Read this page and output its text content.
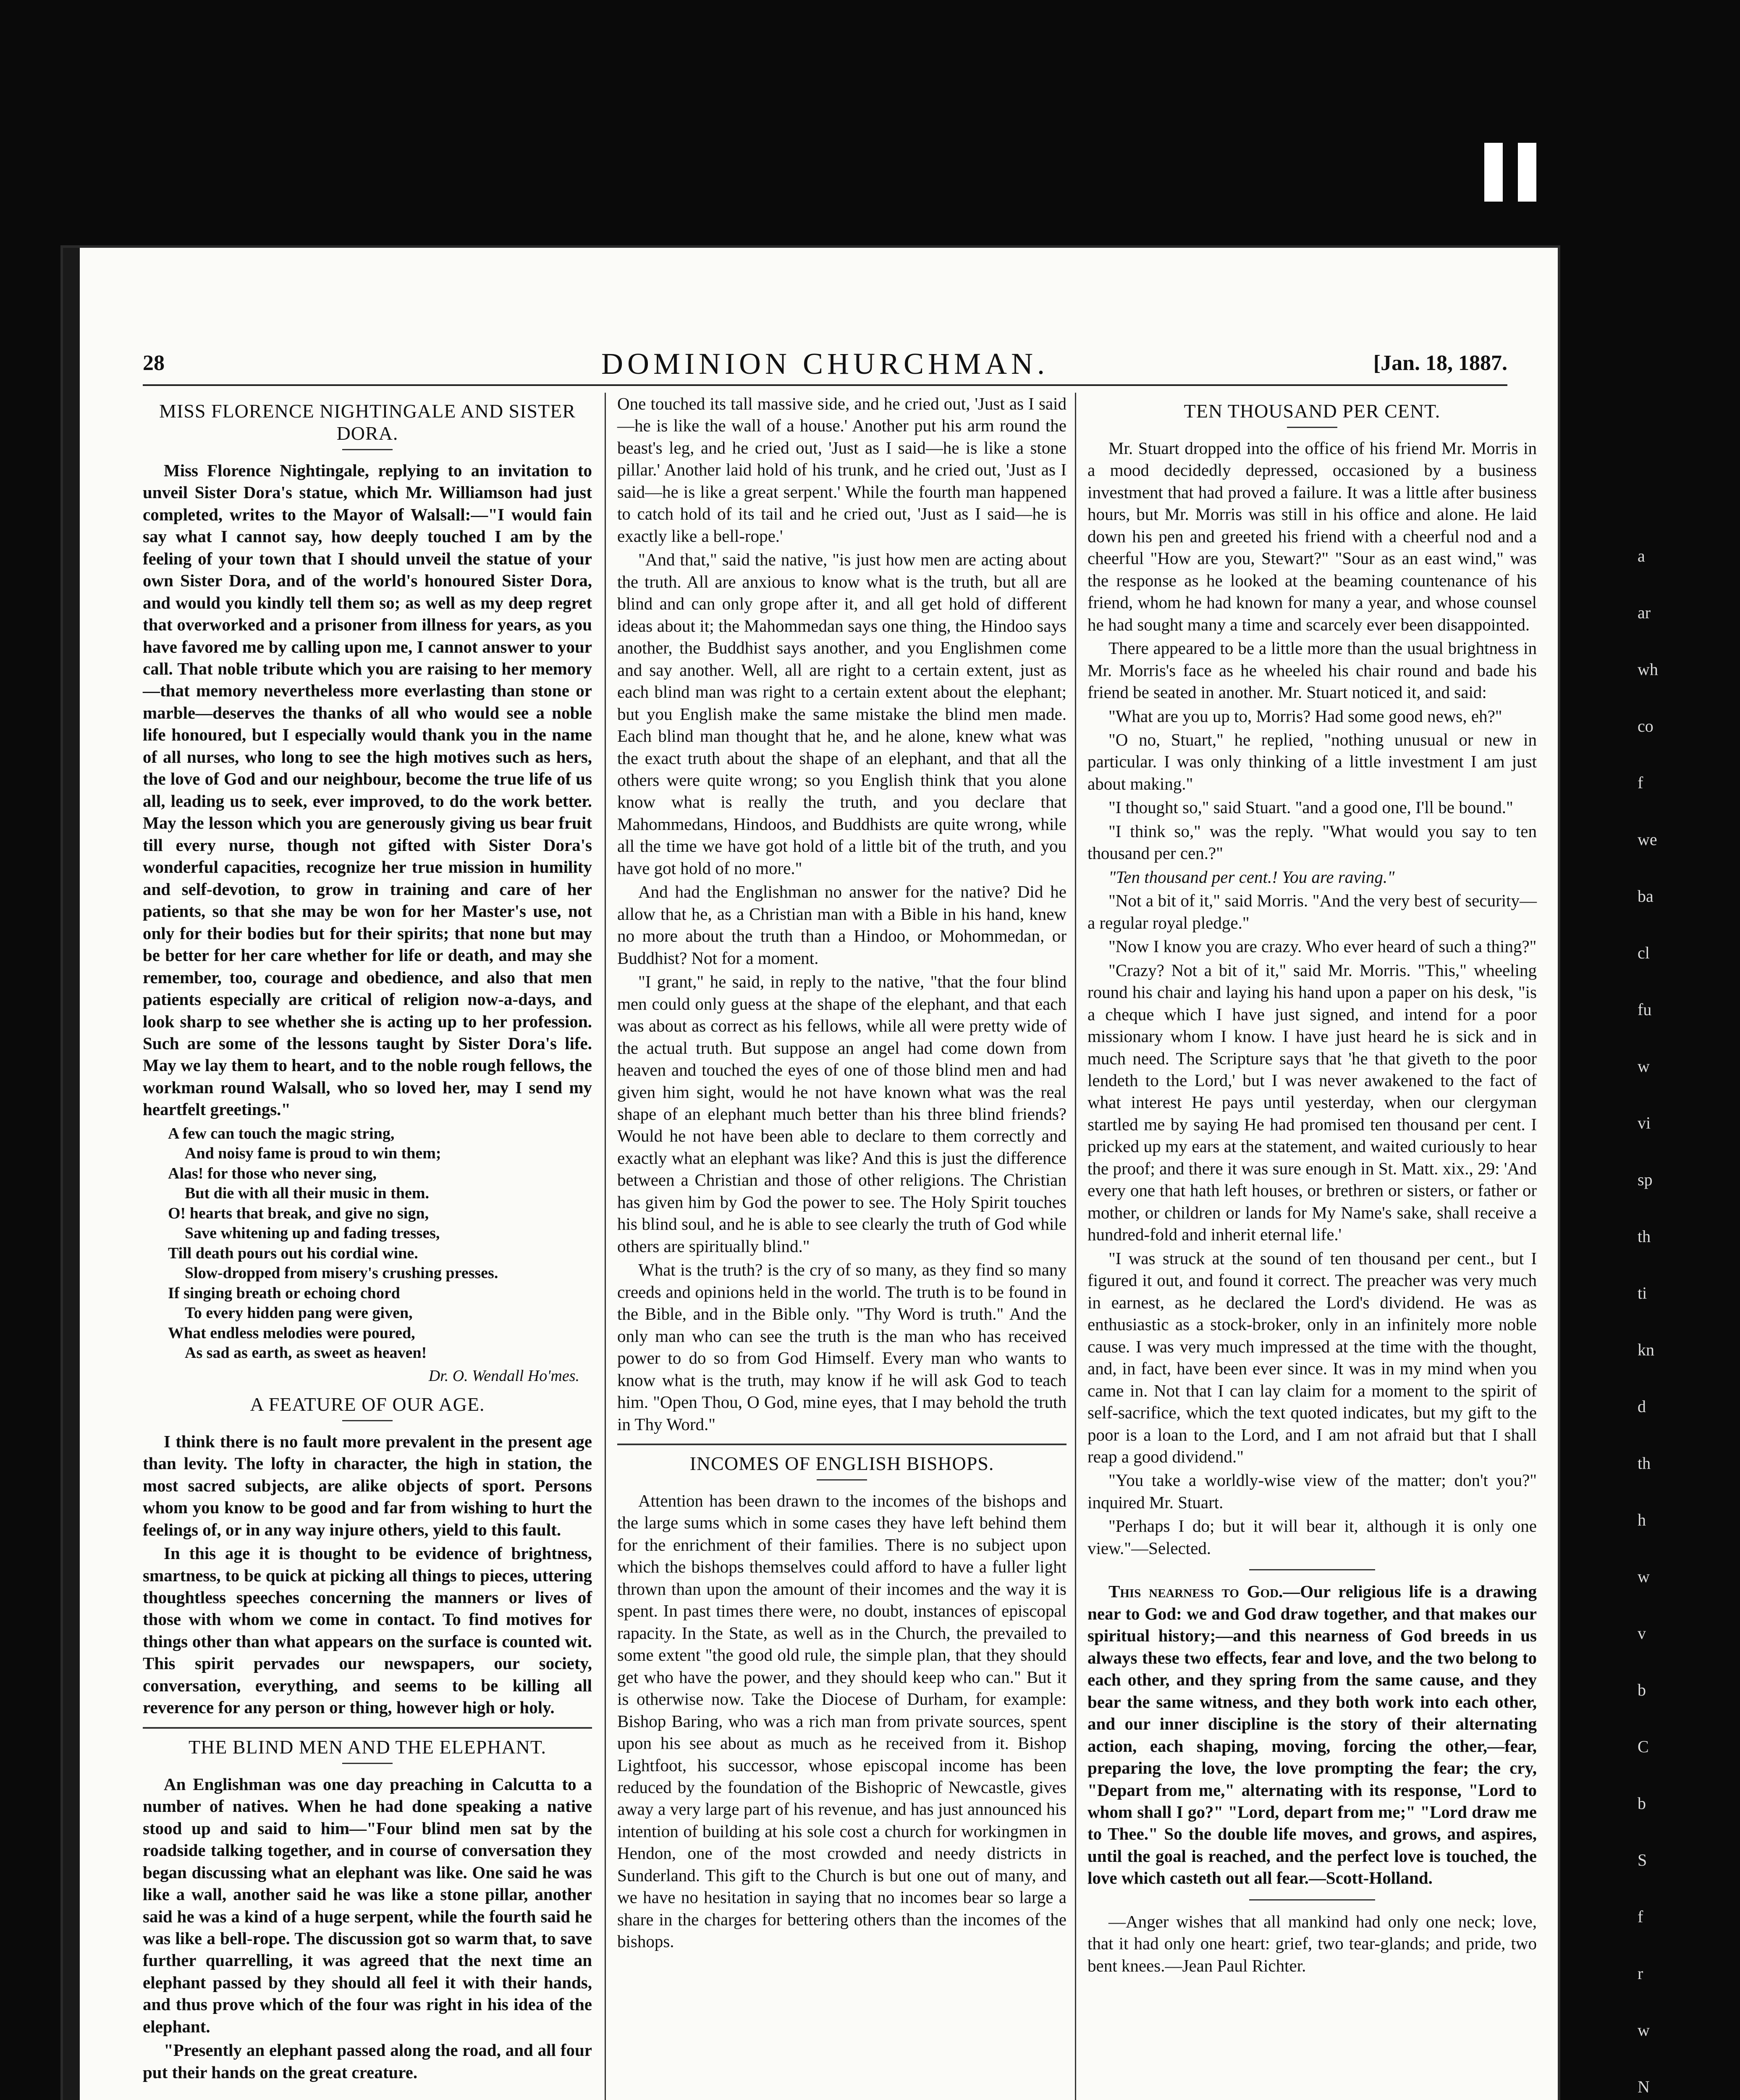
a
ar
wh
co
f
we
ba
cl
fu
w
vi
sp
th
ti
kn
d
th
h
w
v
b
C
b
S
f
r
w
N
28	DOMINION CHURCHMAN.	[Jan. 18, 1887.
MISS FLORENCE NIGHTINGALE AND SISTER DORA.

Miss Florence Nightingale, replying to an invitation to unveil Sister Dora's statue, which Mr. Williamson had just completed, writes to the Mayor of Walsall:—"I would fain say what I cannot say, how deeply touched I am by the feeling of your town that I should unveil the statue of your own Sister Dora, and of the world's honoured Sister Dora, and would you kindly tell them so; as well as my deep regret that overworked and a prisoner from illness for years, as you have favored me by calling upon me, I cannot answer to your call. That noble tribute which you are raising to her memory—that memory nevertheless more everlasting than stone or marble—deserves the thanks of all who would see a noble life honoured, but I especially would thank you in the name of all nurses, who long to see the high motives such as hers, the love of God and our neighbour, become the true life of us all, leading us to seek, ever improved, to do the work better. May the lesson which you are generously giving us bear fruit till every nurse, though not gifted with Sister Dora's wonderful capacities, recognize her true mission in humility and self-devotion, to grow in training and care of her patients, so that she may be won for her Master's use, not only for their bodies but for their spirits; that none but may be better for her care whether for life or death, and may she remember, too, courage and obedience, and also that men patients especially are critical of religion now-a-days, and look sharp to see whether she is acting up to her profession. Such are some of the lessons taught by Sister Dora's life. May we lay them to heart, and to the noble rough fellows, the workman round Walsall, who so loved her, may I send my heartfelt greetings."

A few can touch the magic string,
And noisy fame is proud to win them;
Alas! for those who never sing,
But die with all their music in them.
O! hearts that break, and give no sign,
Save whitening up and fading tresses,
Till death pours out his cordial wine.
Slow-dropped from misery's crushing presses.
If singing breath or echoing chord
To every hidden pang were given,
What endless melodies were poured,
As sad as earth, as sweet as heaven!
Dr. O. Wendall Ho'mes.
A FEATURE OF OUR AGE.

I think there is no fault more prevalent in the present age than levity. The lofty in character, the high in station, the most sacred subjects, are alike objects of sport. Persons whom you know to be good and far from wishing to hurt the feelings of, or in any way injure others, yield to this fault.

In this age it is thought to be evidence of brightness, smartness, to be quick at picking all things to pieces, uttering thoughtless speeches concerning the manners or lives of those with whom we come in contact. To find motives for things other than what appears on the surface is counted wit. This spirit pervades our newspapers, our society, conversation, everything, and seems to be killing all reverence for any person or thing, however high or holy.

THE BLIND MEN AND THE ELEPHANT.

An Englishman was one day preaching in Calcutta to a number of natives. When he had done speaking a native stood up and said to him—"Four blind men sat by the roadside talking together, and in course of conversation they began discussing what an elephant was like. One said he was like a wall, another said he was like a stone pillar, another said he was a kind of a huge serpent, while the fourth said he was like a bell-rope. The discussion got so warm that, to save further quarrelling, it was agreed that the next time an elephant passed by they should all feel it with their hands, and thus prove which of the four was right in his idea of the elephant.

"Presently an elephant passed along the road, and all four put their hands on the great creature.

One touched its tall massive side, and he cried out, 'Just as I said—he is like the wall of a house.' Another put his arm round the beast's leg, and he cried out, 'Just as I said—he is like a stone pillar.' Another laid hold of his trunk, and he cried out, 'Just as I said—he is like a great serpent.' While the fourth man happened to catch hold of its tail and he cried out, 'Just as I said—he is exactly like a bell-rope.'

"And that," said the native, "is just how men are acting about the truth. All are anxious to know what is the truth, but all are blind and can only grope after it, and all get hold of different ideas about it; the Mahommedan says one thing, the Hindoo says another, the Buddhist says another, and you Englishmen come and say another. Well, all are right to a certain extent, just as each blind man was right to a certain extent about the elephant; but you English make the same mistake the blind men made. Each blind man thought that he, and he alone, knew what was the exact truth about the shape of an elephant, and that all the others were quite wrong; so you English think that you alone know what is really the truth, and you declare that Mahommedans, Hindoos, and Buddhists are quite wrong, while all the time we have got hold of a little bit of the truth, and you have got hold of no more."

And had the Englishman no answer for the native? Did he allow that he, as a Christian man with a Bible in his hand, knew no more about the truth than a Hindoo, or Mohommedan, or Buddhist? Not for a moment.

"I grant," he said, in reply to the native, "that the four blind men could only guess at the shape of the elephant, and that each was about as correct as his fellows, while all were pretty wide of the actual truth. But suppose an angel had come down from heaven and touched the eyes of one of those blind men and had given him sight, would he not have known what was the real shape of an elephant much better than his three blind friends? Would he not have been able to declare to them correctly and exactly what an elephant was like? And this is just the difference between a Christian and those of other religions. The Christian has given him by God the power to see. The Holy Spirit touches his blind soul, and he is able to see clearly the truth of God while others are spiritually blind."

What is the truth? is the cry of so many, as they find so many creeds and opinions held in the world. The truth is to be found in the Bible, and in the Bible only. "Thy Word is truth." And the only man who can see the truth is the man who has received power to do so from God Himself. Every man who wants to know what is the truth, may know if he will ask God to teach him. "Open Thou, O God, mine eyes, that I may behold the truth in Thy Word."

INCOMES OF ENGLISH BISHOPS.

Attention has been drawn to the incomes of the bishops and the large sums which in some cases they have left behind them for the enrichment of their families. There is no subject upon which the bishops themselves could afford to have a fuller light thrown than upon the amount of their incomes and the way it is spent. In past times there were, no doubt, instances of episcopal rapacity. In the State, as well as in the Church, the prevailed to some extent "the good old rule, the simple plan, that they should get who have the power, and they should keep who can." But it is otherwise now. Take the Diocese of Durham, for example: Bishop Baring, who was a rich man from private sources, spent upon his see about as much as he received from it. Bishop Lightfoot, his successor, whose episcopal income has been reduced by the foundation of the Bishopric of Newcastle, gives away a very large part of his revenue, and has just announced his intention of building at his sole cost a church for workingmen in Hendon, one of the most crowded and needy districts in Sunderland. This gift to the Church is but one out of many, and we have no hesitation in saying that no incomes bear so large a share in the charges for bettering others than the incomes of the bishops.

TEN THOUSAND PER CENT.

Mr. Stuart dropped into the office of his friend Mr. Morris in a mood decidedly depressed, occasioned by a business investment that had proved a failure. It was a little after business hours, but Mr. Morris was still in his office and alone. He laid down his pen and greeted his friend with a cheerful nod and a cheerful "How are you, Stewart?" "Sour as an east wind," was the response as he looked at the beaming countenance of his friend, whom he had known for many a year, and whose counsel he had sought many a time and scarcely ever been disappointed.

There appeared to be a little more than the usual brightness in Mr. Morris's face as he wheeled his chair round and bade his friend be seated in another. Mr. Stuart noticed it, and said:

"What are you up to, Morris? Had some good news, eh?"

"O no, Stuart," he replied, "nothing unusual or new in particular. I was only thinking of a little investment I am just about making."

"I thought so," said Stuart. "and a good one, I'll be bound."

"I think so," was the reply. "What would you say to ten thousand per cen.?"

"Ten thousand per cent.! You are raving."

"Not a bit of it," said Morris. "And the very best of security—a regular royal pledge."

"Now I know you are crazy. Who ever heard of such a thing?"

"Crazy? Not a bit of it," said Mr. Morris. "This," wheeling round his chair and laying his hand upon a paper on his desk, "is a cheque which I have just signed, and intend for a poor missionary whom I know. I have just heard he is sick and in much need. The Scripture says that 'he that giveth to the poor lendeth to the Lord,' but I was never awakened to the fact of what interest He pays until yesterday, when our clergyman startled me by saying He had promised ten thousand per cent. I pricked up my ears at the statement, and waited curiously to hear the proof; and there it was sure enough in St. Matt. xix., 29: 'And every one that hath left houses, or brethren or sisters, or father or mother, or children or lands for My Name's sake, shall receive a hundred-fold and inherit eternal life.'

"I was struck at the sound of ten thousand per cent., but I figured it out, and found it correct. The preacher was very much in earnest, as he declared the Lord's dividend. He was as enthusiastic as a stock-broker, only in an infinitely more noble cause. I was very much impressed at the time with the thought, and, in fact, have been ever since. It was in my mind when you came in. Not that I can lay claim for a moment to the spirit of self-sacrifice, which the text quoted indicates, but my gift to the poor is a loan to the Lord, and I am not afraid but that I shall reap a good dividend."

"You take a worldly-wise view of the matter; don't you?" inquired Mr. Stuart.

"Perhaps I do; but it will bear it, although it is only one view."—Selected.

This nearness to God.—Our religious life is a drawing near to God: we and God draw together, and that makes our spiritual history;—and this nearness of God breeds in us always these two effects, fear and love, and the two belong to each other, and they spring from the same cause, and they bear the same witness, and they both work into each other, and our inner discipline is the story of their alternating action, each shaping, moving, forcing the other,—fear, preparing the love, the love prompting the fear; the cry, "Depart from me," alternating with its response, "Lord to whom shall I go?" "Lord, depart from me;" "Lord draw me to Thee." So the double life moves, and grows, and aspires, until the goal is reached, and the perfect love is touched, the love which casteth out all fear.—Scott-Holland.

—Anger wishes that all mankind had only one neck; love, that it had only one heart: grief, two tear-glands; and pride, two bent knees.—Jean Paul Richter.
